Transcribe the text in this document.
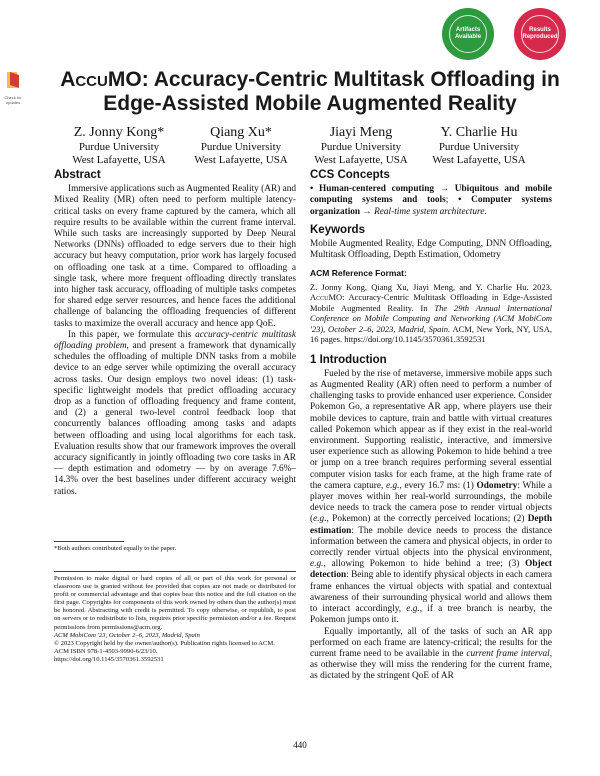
Artifacts Available
Results Reproduced
Check for updates
AccuMO: Accuracy-Centric Multitask Offloading in
Edge-Assisted Mobile Augmented Reality
Z. Jonny Kong*
Purdue University
West Lafayette, USA
Qiang Xu*
Purdue University
West Lafayette, USA
Jiayi Meng
Purdue University
West Lafayette, USA
Y. Charlie Hu
Purdue University
West Lafayette, USA
Abstract

Immersive applications such as Augmented Reality (AR) and Mixed Reality (MR) often need to perform multiple latency-critical tasks on every frame captured by the camera, which all require results to be available within the current frame interval. While such tasks are increasingly supported by Deep Neural Networks (DNNs) offloaded to edge servers due to their high accuracy but heavy computation, prior work has largely focused on offloading one task at a time. Compared to offloading a single task, where more frequent offloading directly translates into higher task accuracy, offloading of multiple tasks competes for shared edge server resources, and hence faces the additional challenge of balancing the offloading frequencies of different tasks to maximize the overall accuracy and hence app QoE.

In this paper, we formulate this accuracy-centric multitask offloading problem, and present a framework that dynamically schedules the offloading of multiple DNN tasks from a mobile device to an edge server while optimizing the overall accuracy across tasks. Our design employs two novel ideas: (1) task-specific lightweight models that predict offloading accuracy drop as a function of offloading frequency and frame content, and (2) a general two-level control feedback loop that concurrently balances offloading among tasks and adapts between offloading and using local algorithms for each task. Evaluation results show that our framework improves the overall accuracy significantly in jointly offloading two core tasks in AR — depth estimation and odometry — by on average 7.6%–14.3% over the best baselines under different accuracy weight ratios.

*Both authors contributed equally to the paper.
Permission to make digital or hard copies of all or part of this work for personal or classroom use is granted without fee provided that copies are not made or distributed for profit or commercial advantage and that copies bear this notice and the full citation on the first page. Copyrights for components of this work owned by others than the author(s) must be honored. Abstracting with credit is permitted. To copy otherwise, or republish, to post on servers or to redistribute to lists, requires prior specific permission and/or a fee. Request permissions from permissions@acm.org.
ACM MobiCom '23, October 2–6, 2023, Madrid, Spain
© 2023 Copyright held by the owner/author(s). Publication rights licensed to ACM.
ACM ISBN 978-1-4503-9990-6/23/10.
https://doi.org/10.1145/3570361.3592531
CCS Concepts

• Human-centered computing → Ubiquitous and mobile computing systems and tools; • Computer systems organization → Real-time system architecture.

Keywords

Mobile Augmented Reality, Edge Computing, DNN Offloading, Multitask Offloading, Depth Estimation, Odometry

ACM Reference Format:

Z. Jonny Kong, Qiang Xu, Jiayi Meng, and Y. Charlie Hu. 2023. AccuMO: Accuracy-Centric Multitask Offloading in Edge-Assisted Mobile Augmented Reality. In The 29th Annual International Conference on Mobile Computing and Networking (ACM MobiCom '23), October 2–6, 2023, Madrid, Spain. ACM, New York, NY, USA, 16 pages. https://doi.org/10.1145/3570361.3592531

1 Introduction

Fueled by the rise of metaverse, immersive mobile apps such as Augmented Reality (AR) often need to perform a number of challenging tasks to provide enhanced user experience. Consider Pokemon Go, a representative AR app, where players use their mobile devices to capture, train and battle with virtual creatures called Pokemon which appear as if they exist in the real-world environment. Supporting realistic, interactive, and immersive user experience such as allowing Pokemon to hide behind a tree or jump on a tree branch requires performing several essential computer vision tasks for each frame, at the high frame rate of the camera capture, e.g., every 16.7 ms: (1) Odometry: While a player moves within her real-world surroundings, the mobile device needs to track the camera pose to render virtual objects (e.g., Pokemon) at the correctly perceived locations; (2) Depth estimation: The mobile device needs to process the distance information between the camera and physical objects, in order to correctly render virtual objects into the physical environment, e.g., allowing Pokemon to hide behind a tree; (3) Object detection: Being able to identify physical objects in each camera frame enhances the virtual objects with spatial and contextual awareness of their surrounding physical world and allows them to interact accordingly, e.g., if a tree branch is nearby, the Pokemon jumps onto it.

Equally importantly, all of the tasks of such an AR app performed on each frame are latency-critical; the results for the current frame need to be available in the current frame interval, as otherwise they will miss the rendering for the current frame, as dictated by the stringent QoE of AR

440
